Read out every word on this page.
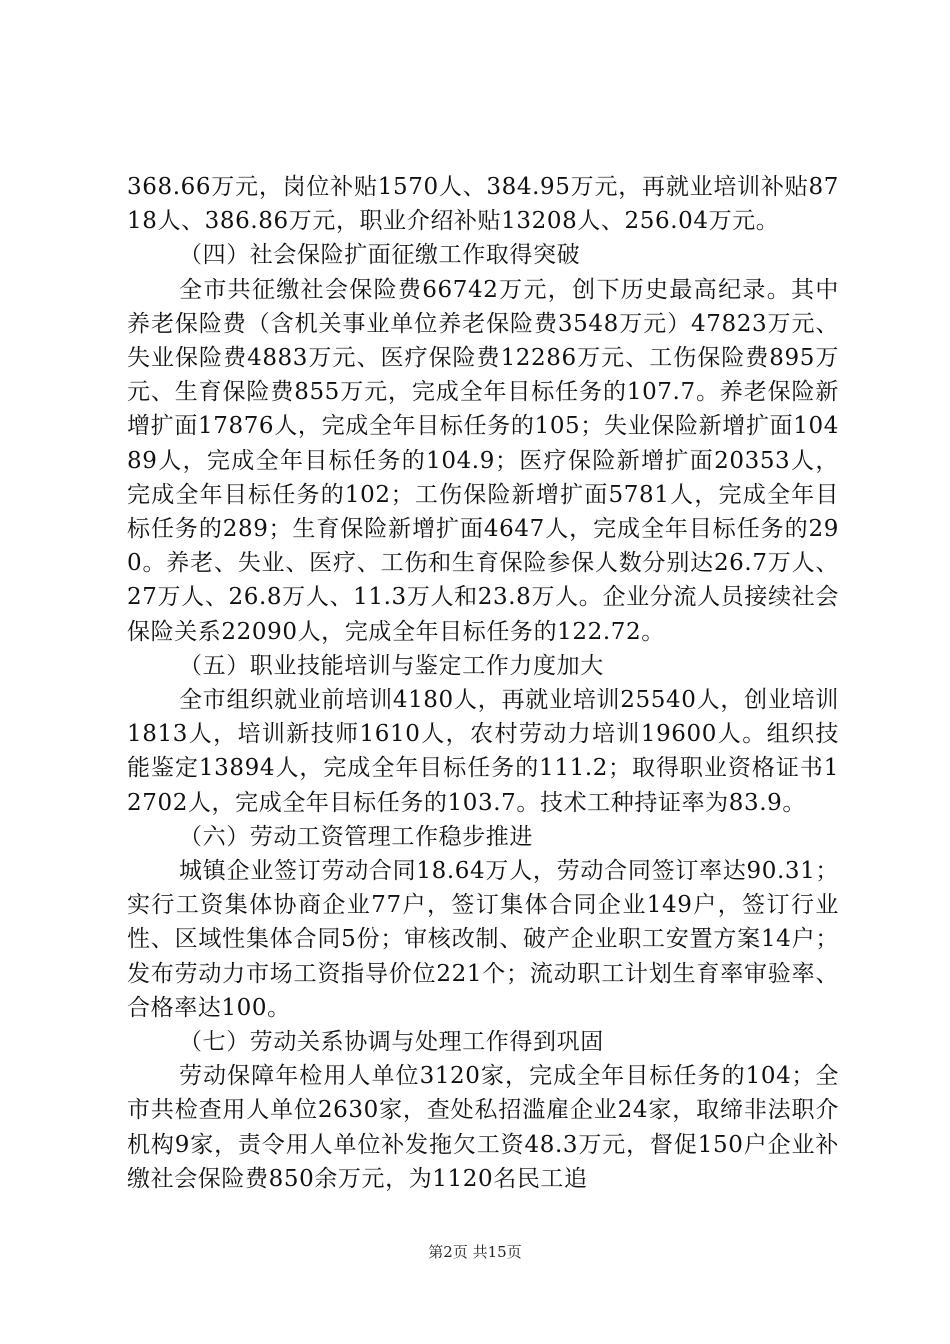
368.66万元，岗位补贴1570人、384.95万元，再就业培训补贴8718人、386.86万元，职业介绍补贴13208人、256.04万元。

（四）社会保险扩面征缴工作取得突破

全市共征缴社会保险费66742万元，创下历史最高纪录。其中养老保险费（含机关事业单位养老保险费3548万元）47823万元、失业保险费4883万元、医疗保险费12286万元、工伤保险费895万元、生育保险费855万元，完成全年目标任务的107.7。养老保险新增扩面17876人，完成全年目标任务的105；失业保险新增扩面10489人，完成全年目标任务的104.9；医疗保险新增扩面20353人，完成全年目标任务的102；工伤保险新增扩面5781人，完成全年目标任务的289；生育保险新增扩面4647人，完成全年目标任务的290。养老、失业、医疗、工伤和生育保险参保人数分别达26.7万人、27万人、26.8万人、11.3万人和23.8万人。企业分流人员接续社会保险关系22090人，完成全年目标任务的122.72。

（五）职业技能培训与鉴定工作力度加大

全市组织就业前培训4180人，再就业培训25540人，创业培训1813人，培训新技师1610人，农村劳动力培训19600人。组织技能鉴定13894人，完成全年目标任务的111.2；取得职业资格证书12702人，完成全年目标任务的103.7。技术工种持证率为83.9。

（六）劳动工资管理工作稳步推进

城镇企业签订劳动合同18.64万人，劳动合同签订率达90.31；实行工资集体协商企业77户，签订集体合同企业149户，签订行业性、区域性集体合同5份；审核改制、破产企业职工安置方案14户；发布劳动力市场工资指导价位221个；流动职工计划生育率审验率、合格率达100。

（七）劳动关系协调与处理工作得到巩固

劳动保障年检用人单位3120家，完成全年目标任务的104；全市共检查用人单位2630家，查处私招滥雇企业24家，取缔非法职介机构9家，责令用人单位补发拖欠工资48.3万元，督促150户企业补缴社会保险费850余万元，为1120名民工追

第2页 共15页
